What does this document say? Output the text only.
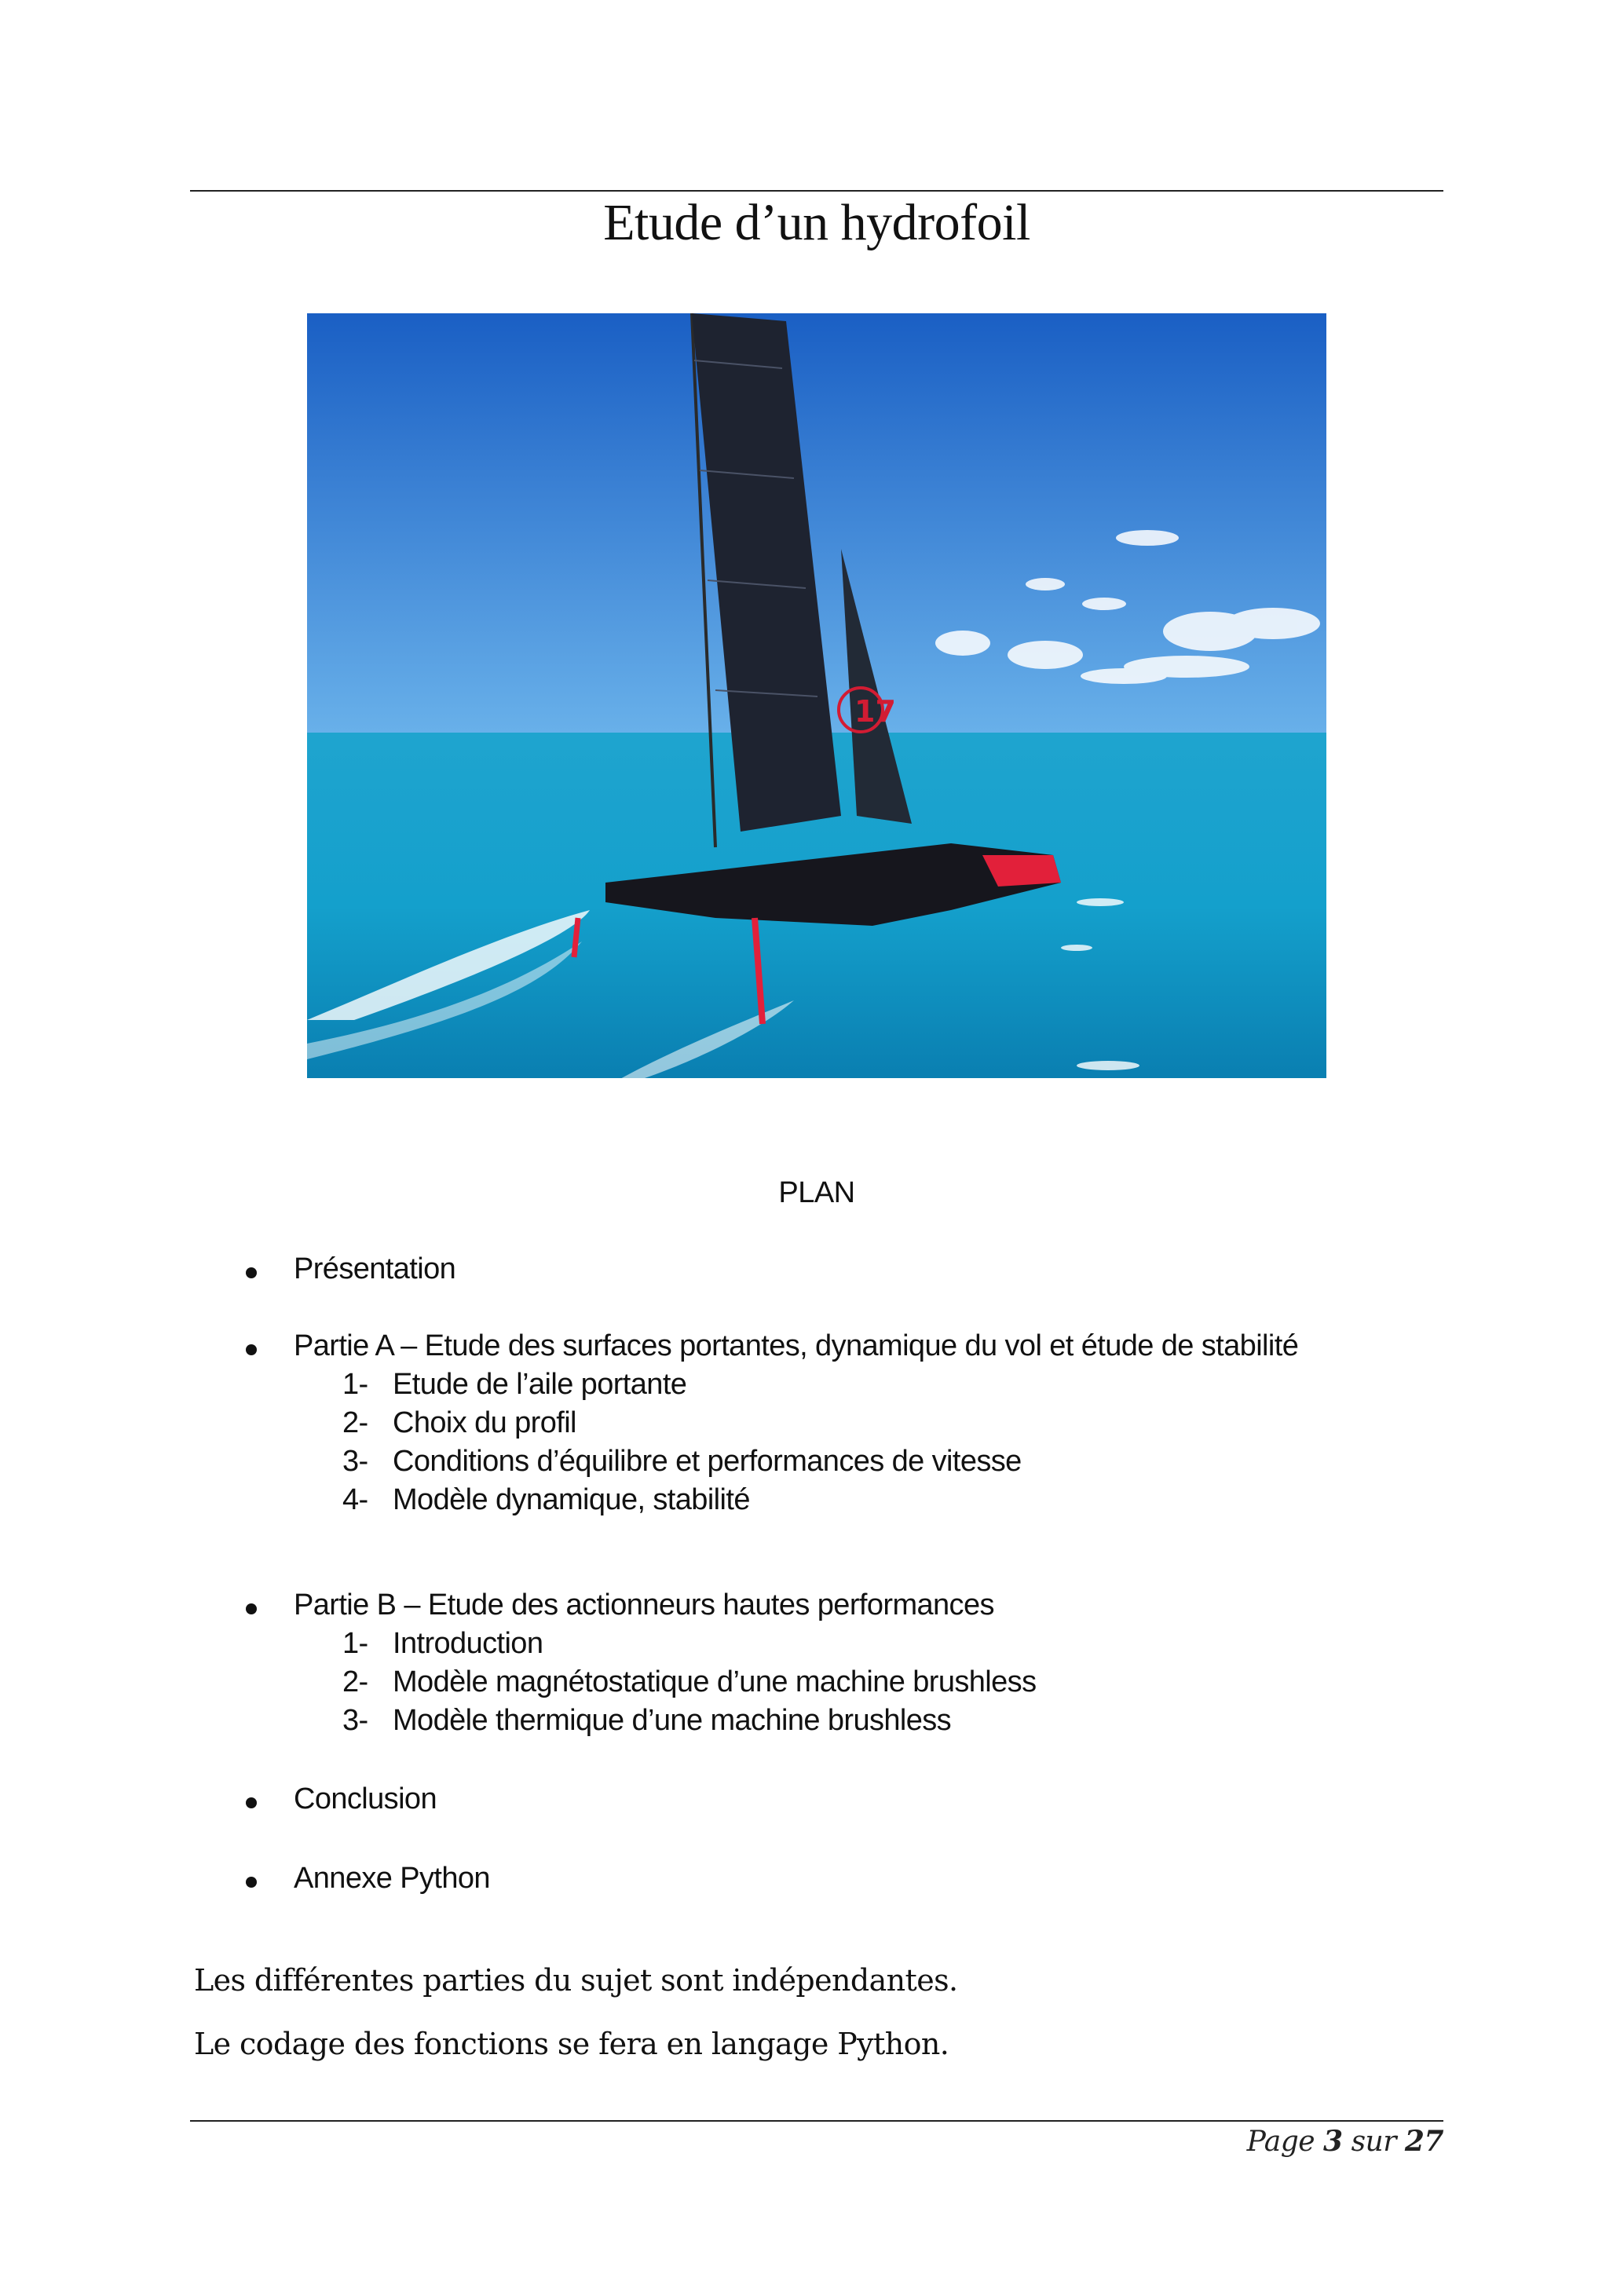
Etude d’un hydrofoil
17
PLAN
Présentation
Partie A – Etude des surfaces portantes, dynamique du vol et étude de stabilité
1- Etude de l’aile portante
2- Choix du profil
3- Conditions d’équilibre et performances de vitesse
4- Modèle dynamique, stabilité
Partie B – Etude des actionneurs hautes performances
1- Introduction
2- Modèle magnétostatique d’une machine brushless
3- Modèle thermique d’une machine brushless
Conclusion
Annexe Python
Les différentes parties du sujet sont indépendantes.
Le codage des fonctions se fera en langage Python.
Page 3 sur 27
